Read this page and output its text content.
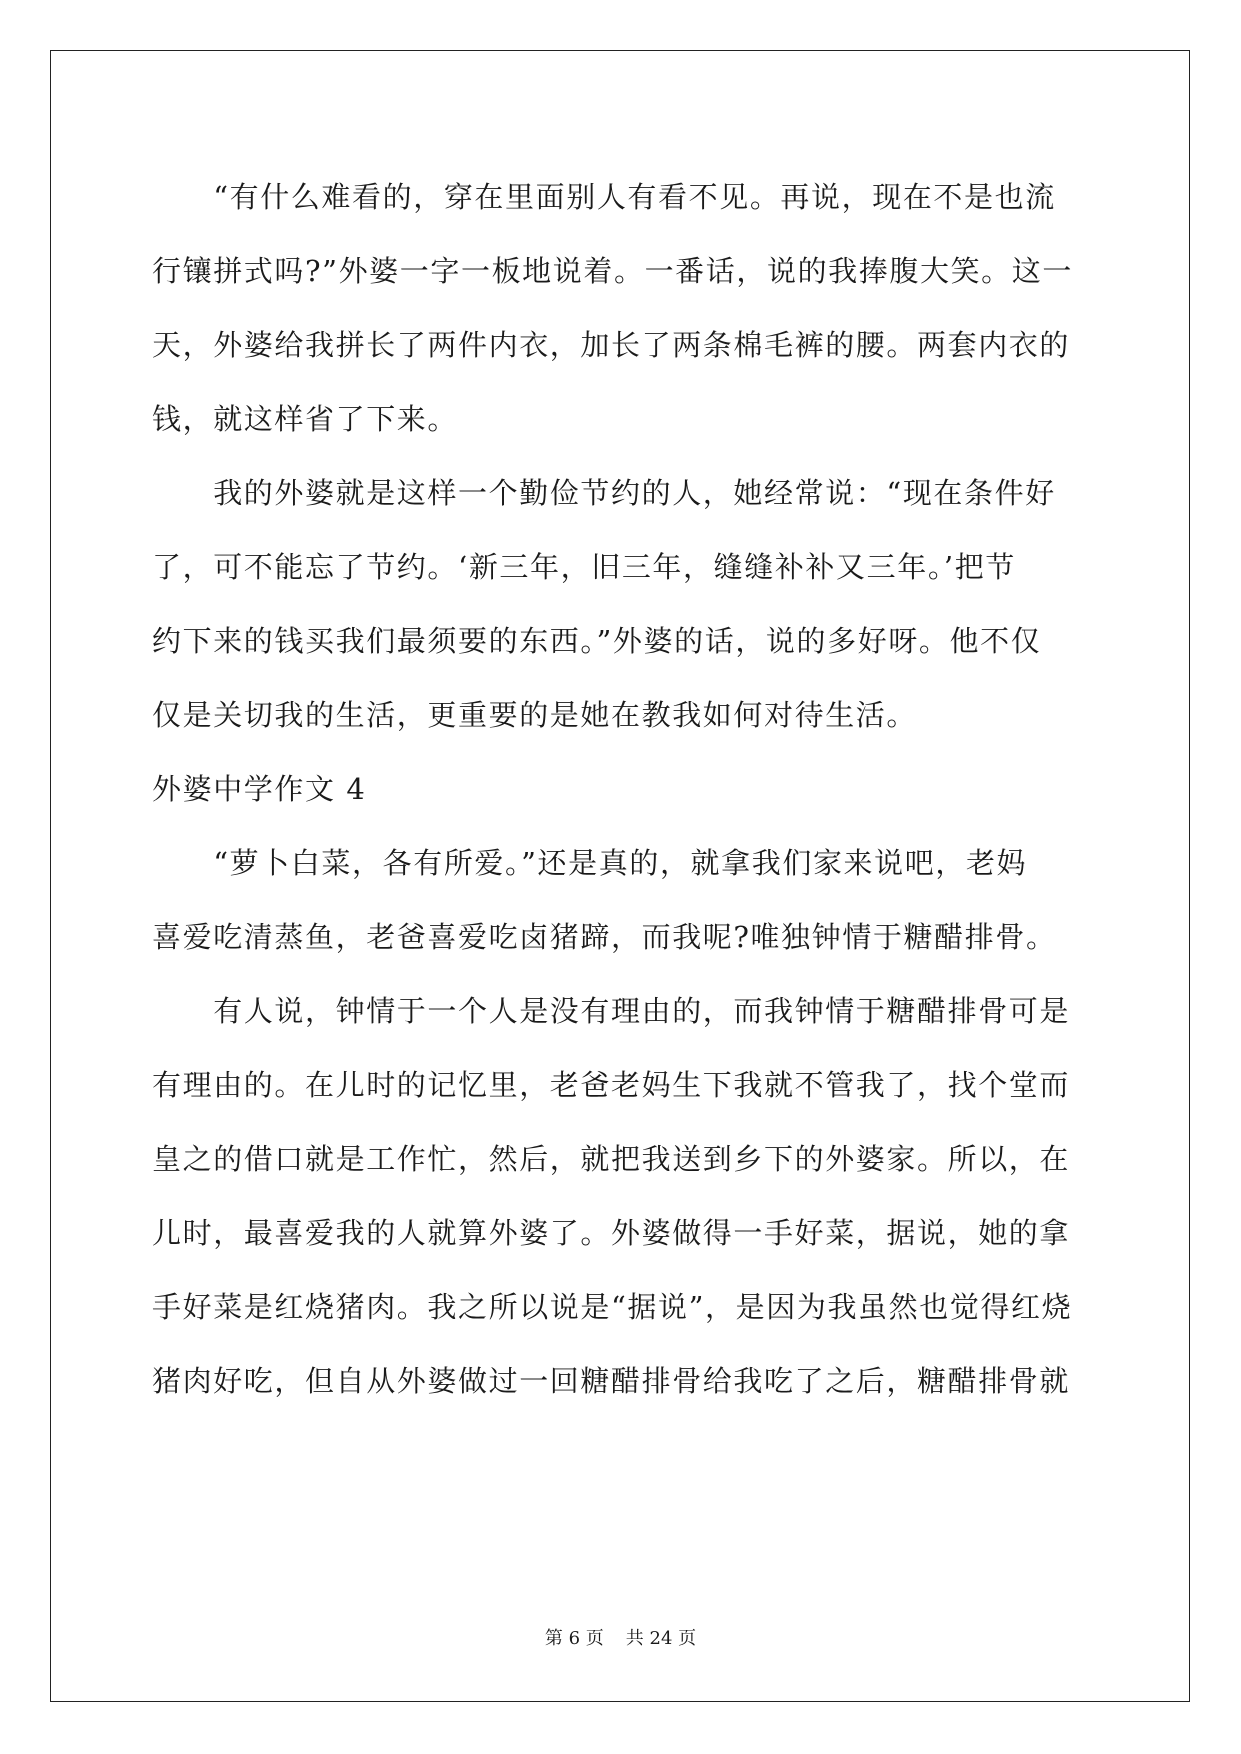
　　“有什么难看的，穿在里面别人有看不见。再说，现在不是也流
行镶拼式吗?”外婆一字一板地说着。一番话，说的我捧腹大笑。这一
天，外婆给我拼长了两件内衣，加长了两条棉毛裤的腰。两套内衣的
钱，就这样省了下来。
　　我的外婆就是这样一个勤俭节约的人，她经常说：“现在条件好
了，可不能忘了节约。‘新三年，旧三年，缝缝补补又三年。’把节
约下来的钱买我们最须要的东西。”外婆的话，说的多好呀。他不仅
仅是关切我的生活，更重要的是她在教我如何对待生活。
外婆中学作文 4
　　“萝卜白菜，各有所爱。”还是真的，就拿我们家来说吧，老妈
喜爱吃清蒸鱼，老爸喜爱吃卤猪蹄，而我呢?唯独钟情于糖醋排骨。
　　有人说，钟情于一个人是没有理由的，而我钟情于糖醋排骨可是
有理由的。在儿时的记忆里，老爸老妈生下我就不管我了，找个堂而
皇之的借口就是工作忙，然后，就把我送到乡下的外婆家。所以，在
儿时，最喜爱我的人就算外婆了。外婆做得一手好菜，据说，她的拿
手好菜是红烧猪肉。我之所以说是“据说”，是因为我虽然也觉得红烧
猪肉好吃，但自从外婆做过一回糖醋排骨给我吃了之后，糖醋排骨就
第 6 页 共 24 页
